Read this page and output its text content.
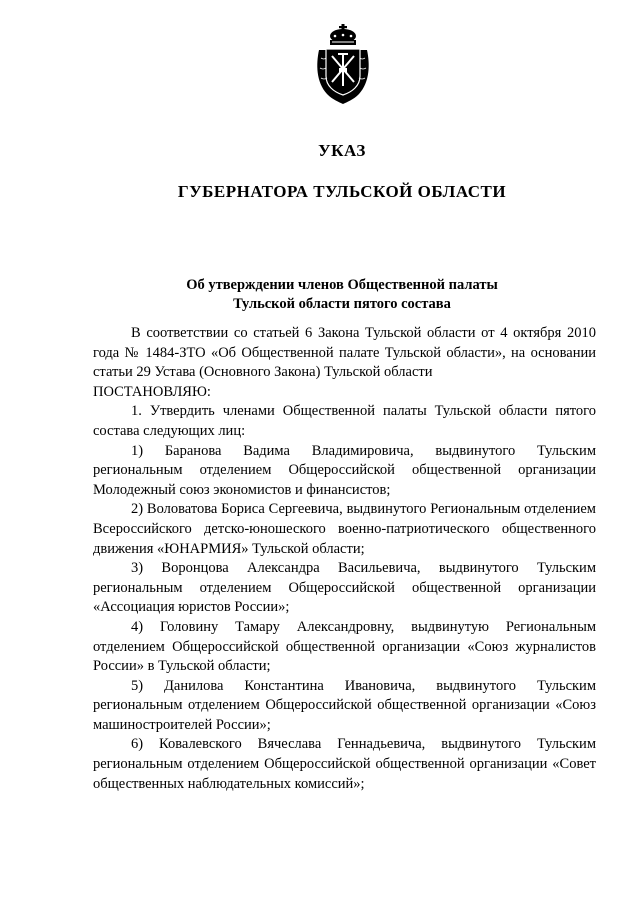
УКАЗ
ГУБЕРНАТОРА ТУЛЬСКОЙ ОБЛАСТИ
Об утверждении членов Общественной палаты
Тульской области пятого состава

В соответствии со статьей 6 Закона Тульской области от 4 октября 2010 года № 1484-ЗТО «Об Общественной палате Тульской области», на основании статьи 29 Устава (Основного Закона) Тульской области

ПОСТАНОВЛЯЮ:

1. Утвердить членами Общественной палаты Тульской области пятого состава следующих лиц:

1) Баранова Вадима Владимировича, выдвинутого Тульским региональным отделением Общероссийской общественной организации Молодежный союз экономистов и финансистов;

2) Воловатова Бориса Сергеевича, выдвинутого Региональным отделением Всероссийского детско-юношеского военно-патриотического общественного движения «ЮНАРМИЯ» Тульской области;

3) Воронцова Александра Васильевича, выдвинутого Тульским региональным отделением Общероссийской общественной организации «Ассоциация юристов России»;

4) Головину Тамару Александровну, выдвинутую Региональным отделением Общероссийской общественной организации «Союз журналистов России» в Тульской области;

5) Данилова Константина Ивановича, выдвинутого Тульским региональным отделением Общероссийской общественной организации «Союз машиностроителей России»;

6) Ковалевского Вячеслава Геннадьевича, выдвинутого Тульским региональным отделением Общероссийской общественной организации «Совет общественных наблюдательных комиссий»;
